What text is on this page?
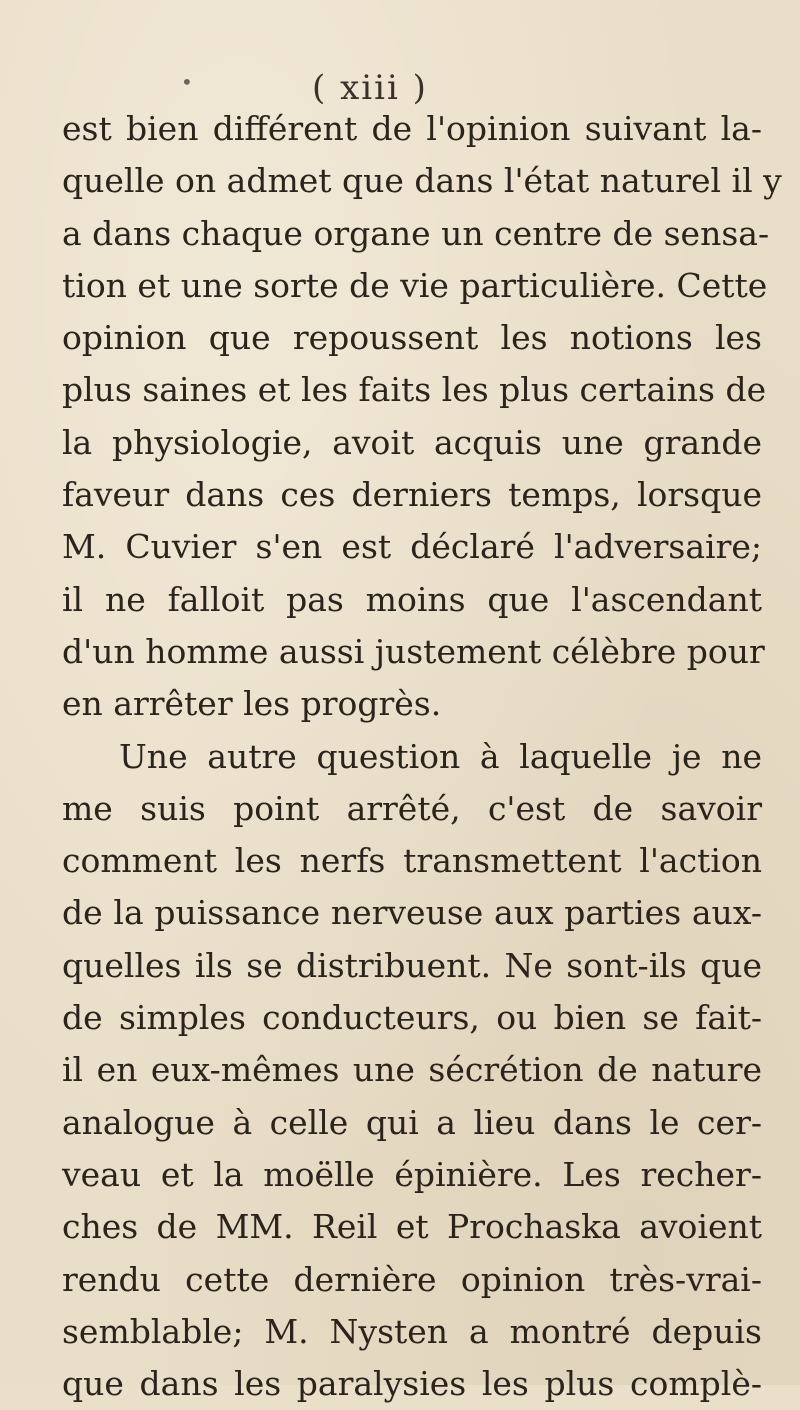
•	( xiii )
est bien différent de l'opinion suivant la-
quelle on admet que dans l'état naturel il y
a dans chaque organe un centre de sensa-
tion et une sorte de vie particulière. Cette
opinion que repoussent les notions les
plus saines et les faits les plus certains de
la physiologie, avoit acquis une grande
faveur dans ces derniers temps, lorsque
M. Cuvier s'en est déclaré l'adversaire;
il ne falloit pas moins que l'ascendant
d'un homme aussi justement célèbre pour
en arrêter les progrès.
Une autre question à laquelle je ne
me suis point arrêté, c'est de savoir
comment les nerfs transmettent l'action
de la puissance nerveuse aux parties aux-
quelles ils se distribuent. Ne sont-ils que
de simples conducteurs, ou bien se fait-
il en eux-mêmes une sécrétion de nature
analogue à celle qui a lieu dans le cer-
veau et la moëlle épinière. Les recher-
ches de MM. Reil et Prochaska avoient
rendu cette dernière opinion très-vrai-
semblable; M. Nysten a montré depuis
que dans les paralysies les plus complè-
